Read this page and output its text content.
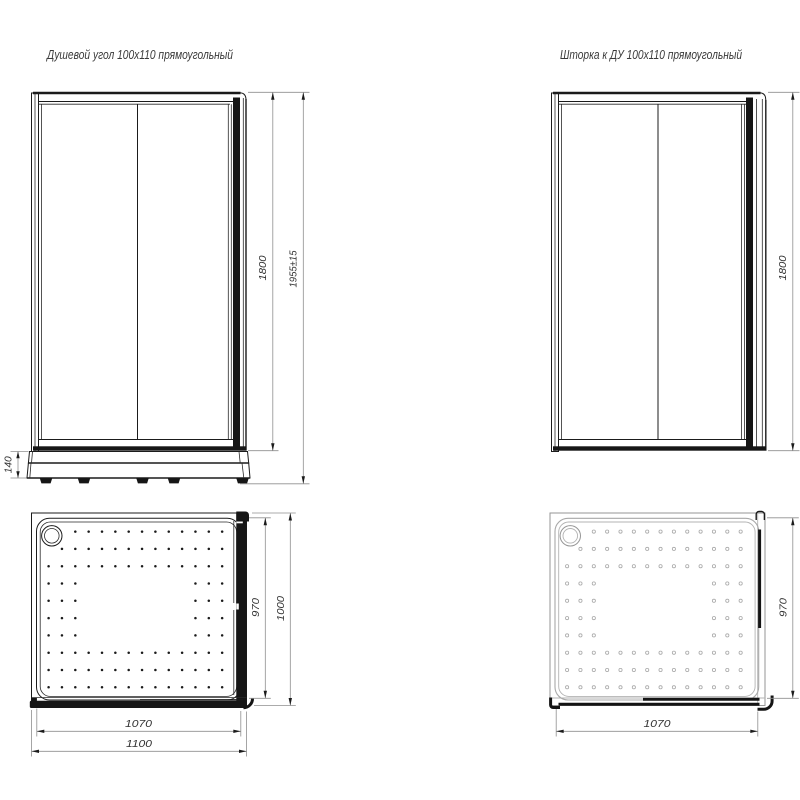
Душевой угол 100х110 прямоугольный	Шторка к ДУ 100х110 прямоугольный
1800 1955±15
140
1800
970 1000
1070
1100
970
1070
